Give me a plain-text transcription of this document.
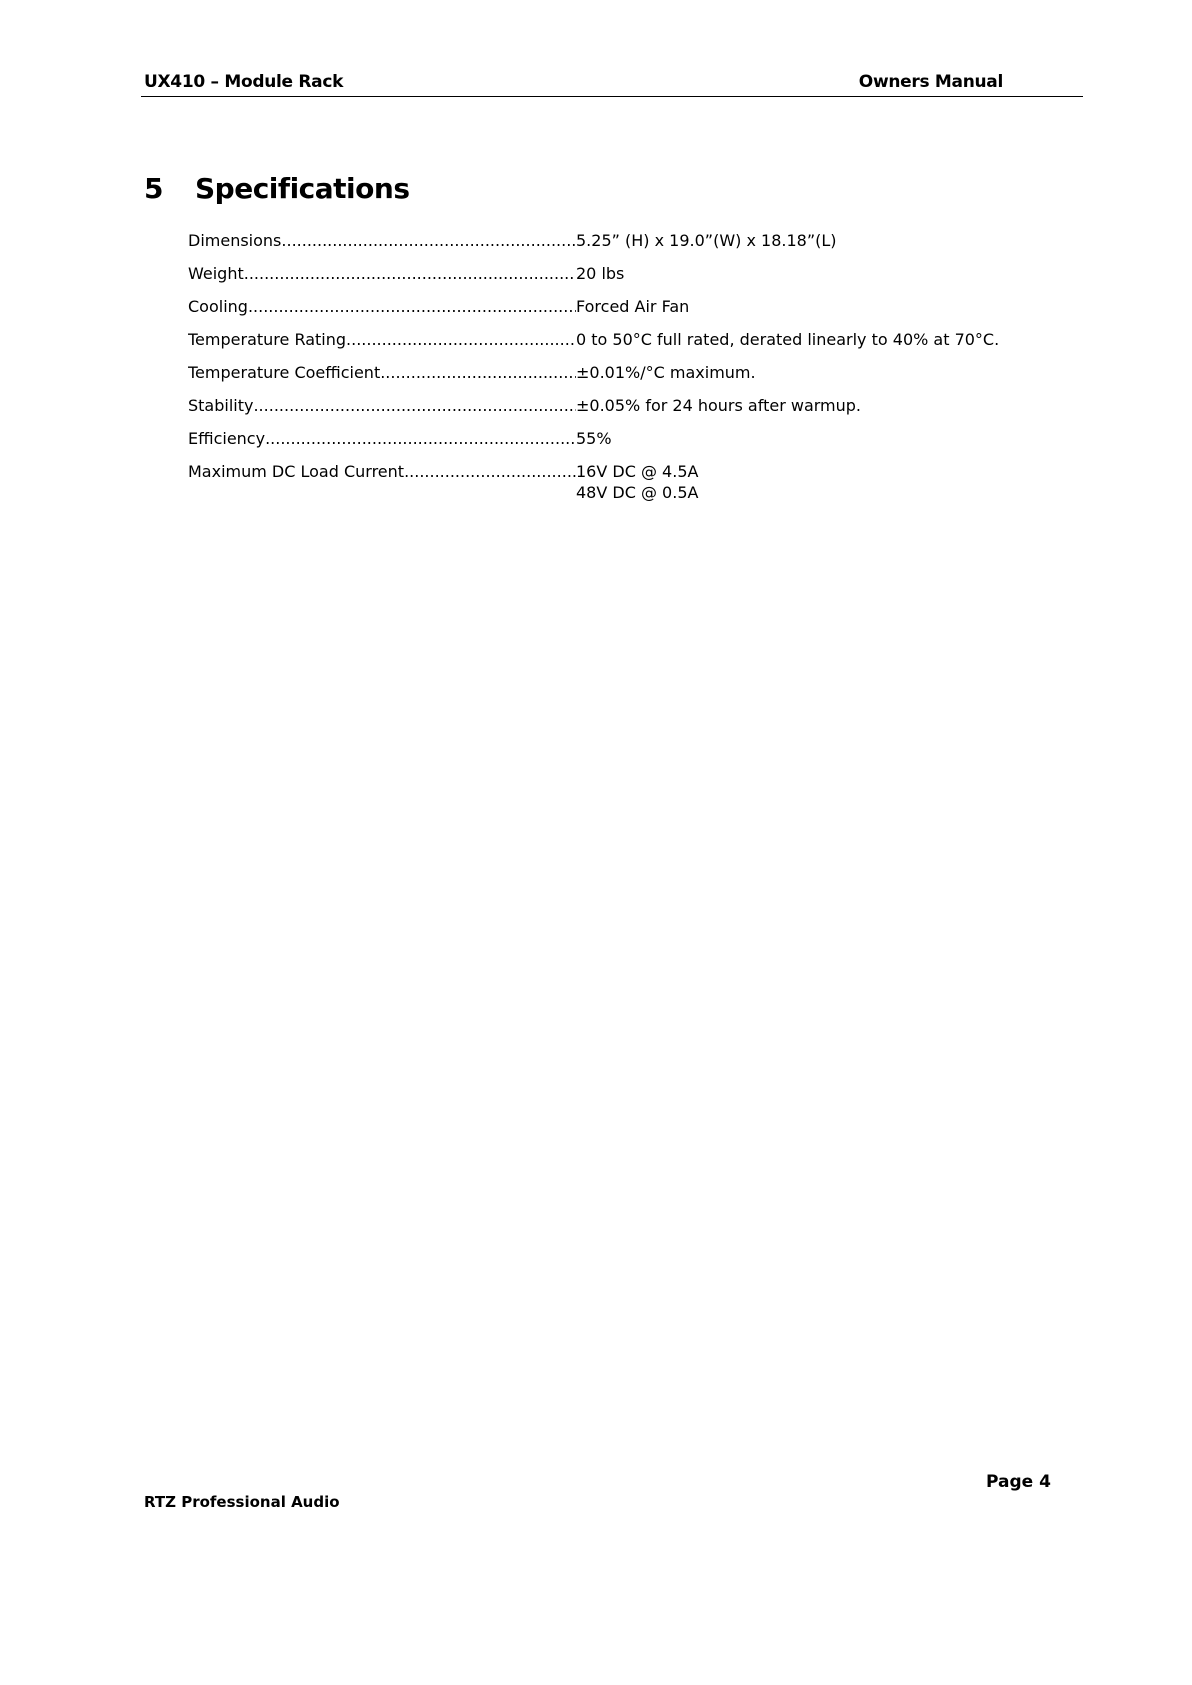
UX410 – Module Rack	Owners Manual
5 Specifications
Dimensions .....	5.25” (H) x 19.0”(W) x 18.18”(L)
Weight .....	20 lbs
Cooling .....	Forced Air Fan
Temperature Rating .....	0 to 50°C full rated, derated linearly to 40% at 70°C.
Temperature Coefficient .....	±0.01%/°C maximum.
Stability .....	±0.05% for 24 hours after warmup.
Efficiency .....	55%
Maximum DC Load Current .....	16V DC @ 4.5A
48V DC @ 0.5A
Page 4
RTZ Professional Audio
